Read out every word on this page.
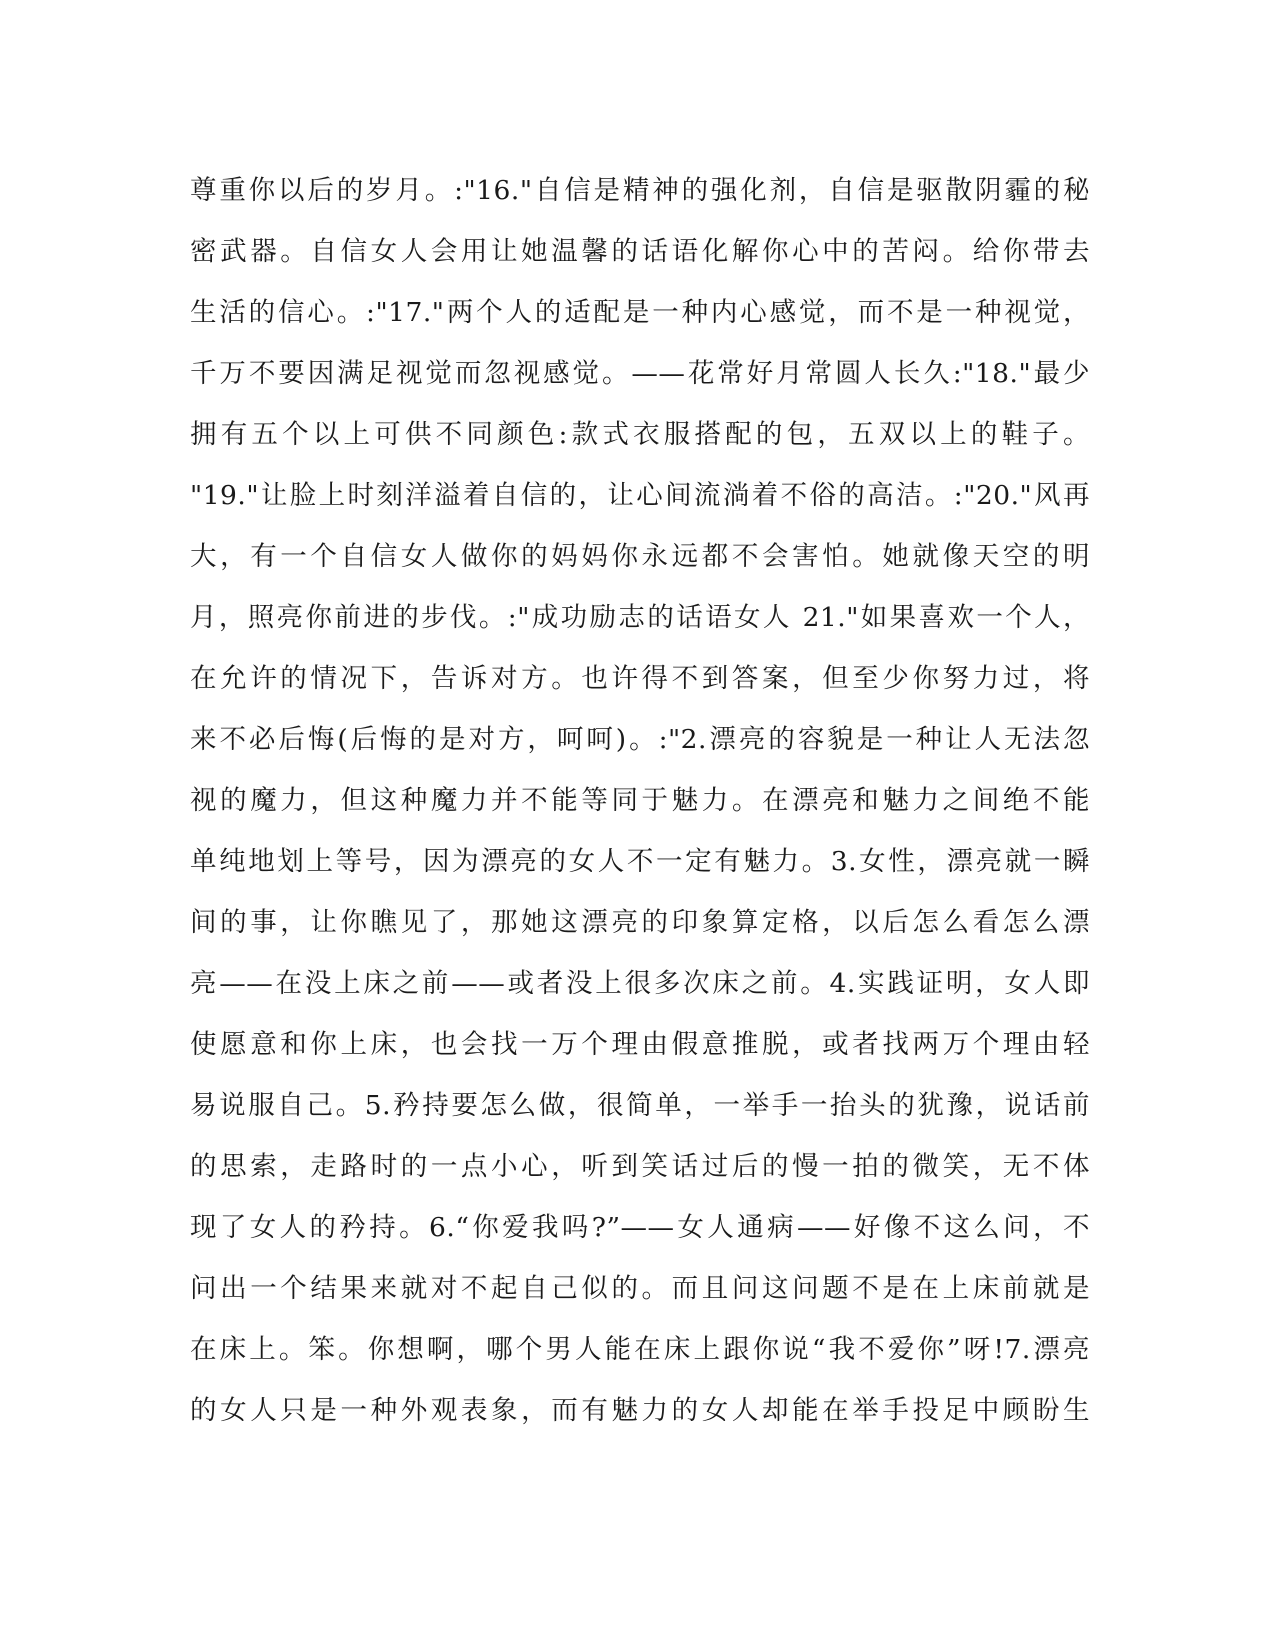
尊重你以后的岁月。:"16."自信是精神的强化剂，自信是驱散阴霾的秘
密武器。自信女人会用让她温馨的话语化解你心中的苦闷。给你带去
生活的信心。:"17."两个人的适配是一种内心感觉，而不是一种视觉，
千万不要因满足视觉而忽视感觉。——花常好月常圆人长久:"18."最少
拥有五个以上可供不同颜色:款式衣服搭配的包，五双以上的鞋子。
"19."让脸上时刻洋溢着自信的，让心间流淌着不俗的高洁。:"20."风再
大，有一个自信女人做你的妈妈你永远都不会害怕。她就像天空的明
月，照亮你前进的步伐。:"成功励志的话语女人 21."如果喜欢一个人，
在允许的情况下，告诉对方。也许得不到答案，但至少你努力过，将
来不必后悔(后悔的是对方，呵呵)。:"2.漂亮的容貌是一种让人无法忽
视的魔力，但这种魔力并不能等同于魅力。在漂亮和魅力之间绝不能
单纯地划上等号，因为漂亮的女人不一定有魅力。3.女性，漂亮就一瞬
间的事，让你瞧见了，那她这漂亮的印象算定格，以后怎么看怎么漂
亮——在没上床之前——或者没上很多次床之前。4.实践证明，女人即
使愿意和你上床，也会找一万个理由假意推脱，或者找两万个理由轻
易说服自己。5.矜持要怎么做，很简单，一举手一抬头的犹豫，说话前
的思索，走路时的一点小心，听到笑话过后的慢一拍的微笑，无不体
现了女人的矜持。6.“你爱我吗?”——女人通病——好像不这么问，不
问出一个结果来就对不起自己似的。而且问这问题不是在上床前就是
在床上。笨。你想啊，哪个男人能在床上跟你说“我不爱你”呀!7.漂亮
的女人只是一种外观表象，而有魅力的女人却能在举手投足中顾盼生
